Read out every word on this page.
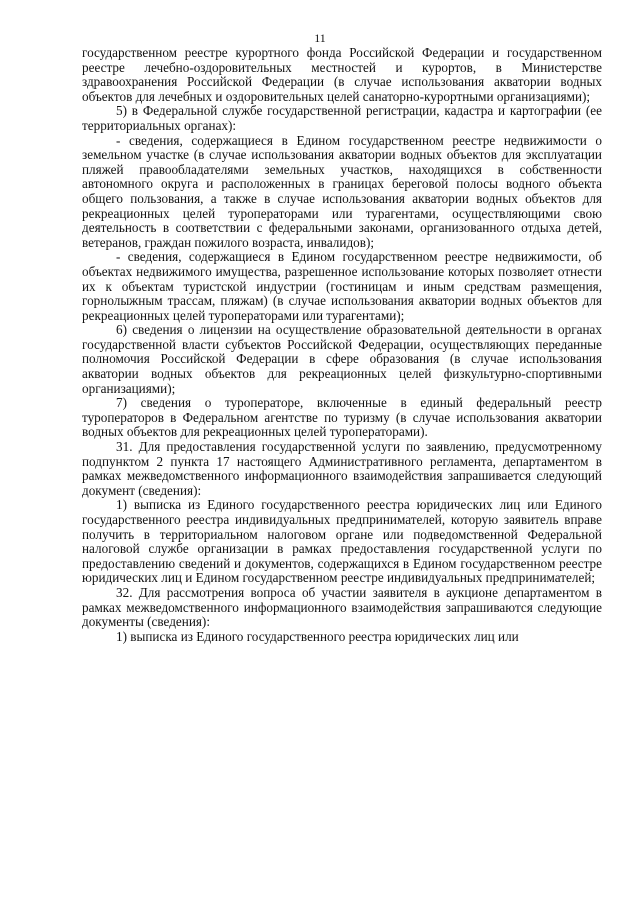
11

государственном реестре курортного фонда Российской Федерации и государственном реестре лечебно-оздоровительных местностей и курортов, в Министерстве здравоохранения Российской Федерации (в случае использования акватории водных объектов для лечебных и оздоровительных целей санаторно-курортными организациями);

5) в Федеральной службе государственной регистрации, кадастра и картографии (ее территориальных органах):

- сведения, содержащиеся в Едином государственном реестре недвижимости о земельном участке (в случае использования акватории водных объектов для эксплуатации пляжей правообладателями земельных участков, находящихся в собственности автономного округа и расположенных в границах береговой полосы водного объекта общего пользования, а также в случае использования акватории водных объектов для рекреационных целей туроператорами или турагентами, осуществляющими свою деятельность в соответствии с федеральными законами, организованного отдыха детей, ветеранов, граждан пожилого возраста, инвалидов);

- сведения, содержащиеся в Едином государственном реестре недвижимости, об объектах недвижимого имущества, разрешенное использование которых позволяет отнести их к объектам туристской индустрии (гостиницам и иным средствам размещения, горнолыжным трассам, пляжам) (в случае использования акватории водных объектов для рекреационных целей туроператорами или турагентами);

6) сведения о лицензии на осуществление образовательной деятельности в органах государственной власти субъектов Российской Федерации, осуществляющих переданные полномочия Российской Федерации в сфере образования (в случае использования акватории водных объектов для рекреационных целей физкультурно-спортивными организациями);

7) сведения о туроператоре, включенные в единый федеральный реестр туроператоров в Федеральном агентстве по туризму (в случае использования акватории водных объектов для рекреационных целей туроператорами).

31. Для предоставления государственной услуги по заявлению, предусмотренному подпунктом 2 пункта 17 настоящего Административного регламента, департаментом в рамках межведомственного информационного взаимодействия запрашивается следующий документ (сведения):

1) выписка из Единого государственного реестра юридических лиц или Единого государственного реестра индивидуальных предпринимателей, которую заявитель вправе получить в территориальном налоговом органе или подведомственной Федеральной налоговой службе организации в рамках предоставления государственной услуги по предоставлению сведений и документов, содержащихся в Едином государственном реестре юридических лиц и Едином государственном реестре индивидуальных предпринимателей;

32. Для рассмотрения вопроса об участии заявителя в аукционе департаментом в рамках межведомственного информационного взаимодействия запрашиваются следующие документы (сведения):

1) выписка из Единого государственного реестра юридических лиц или
